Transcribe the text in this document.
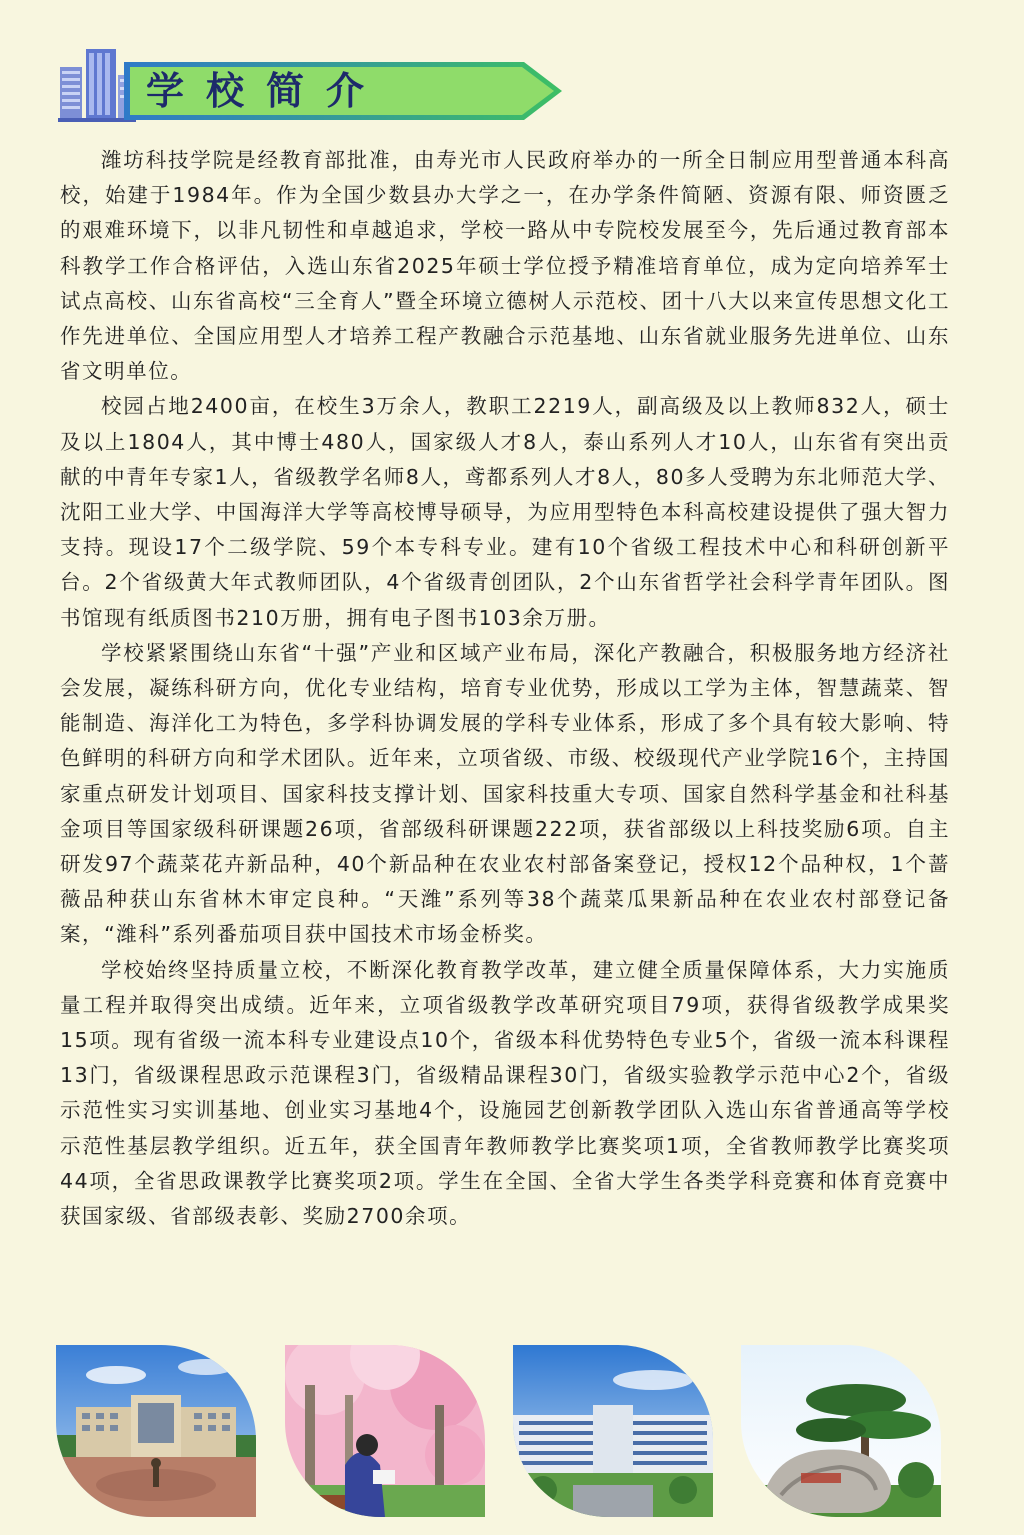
学校简介

潍坊科技学院是经教育部批准，由寿光市人民政府举办的一所全日制应用型普通本科高校，始建于1984年。作为全国少数县办大学之一，在办学条件简陋、资源有限、师资匮乏的艰难环境下，以非凡韧性和卓越追求，学校一路从中专院校发展至今，先后通过教育部本科教学工作合格评估，入选山东省2025年硕士学位授予精准培育单位，成为定向培养军士试点高校、山东省高校“三全育人”暨全环境立德树人示范校、团十八大以来宣传思想文化工作先进单位、全国应用型人才培养工程产教融合示范基地、山东省就业服务先进单位、山东省文明单位。

校园占地2400亩，在校生3万余人，教职工2219人，副高级及以上教师832人，硕士及以上1804人，其中博士480人，国家级人才8人，泰山系列人才10人，山东省有突出贡献的中青年专家1人，省级教学名师8人，鸢都系列人才8人，80多人受聘为东北师范大学、沈阳工业大学、中国海洋大学等高校博导硕导，为应用型特色本科高校建设提供了强大智力支持。现设17个二级学院、59个本专科专业。建有10个省级工程技术中心和科研创新平台。2个省级黄大年式教师团队，4个省级青创团队，2个山东省哲学社会科学青年团队。图书馆现有纸质图书210万册，拥有电子图书103余万册。

学校紧紧围绕山东省“十强”产业和区域产业布局，深化产教融合，积极服务地方经济社会发展，凝练科研方向，优化专业结构，培育专业优势，形成以工学为主体，智慧蔬菜、智能制造、海洋化工为特色，多学科协调发展的学科专业体系，形成了多个具有较大影响、特色鲜明的科研方向和学术团队。近年来，立项省级、市级、校级现代产业学院16个，主持国家重点研发计划项目、国家科技支撑计划、国家科技重大专项、国家自然科学基金和社科基金项目等国家级科研课题26项，省部级科研课题222项，获省部级以上科技奖励6项。自主研发97个蔬菜花卉新品种，40个新品种在农业农村部备案登记，授权12个品种权，1个蔷薇品种获山东省林木审定良种。“天潍”系列等38个蔬菜瓜果新品种在农业农村部登记备案，“潍科”系列番茄项目获中国技术市场金桥奖。

学校始终坚持质量立校，不断深化教育教学改革，建立健全质量保障体系，大力实施质量工程并取得突出成绩。近年来，立项省级教学改革研究项目79项，获得省级教学成果奖15项。现有省级一流本科专业建设点10个，省级本科优势特色专业5个，省级一流本科课程13门，省级课程思政示范课程3门，省级精品课程30门，省级实验教学示范中心2个，省级示范性实习实训基地、创业实习基地4个，设施园艺创新教学团队入选山东省普通高等学校示范性基层教学组织。近五年，获全国青年教师教学比赛奖项1项，全省教师教学比赛奖项44项，全省思政课教学比赛奖项2项。学生在全国、全省大学生各类学科竞赛和体育竞赛中获国家级、省部级表彰、奖励2700余项。
